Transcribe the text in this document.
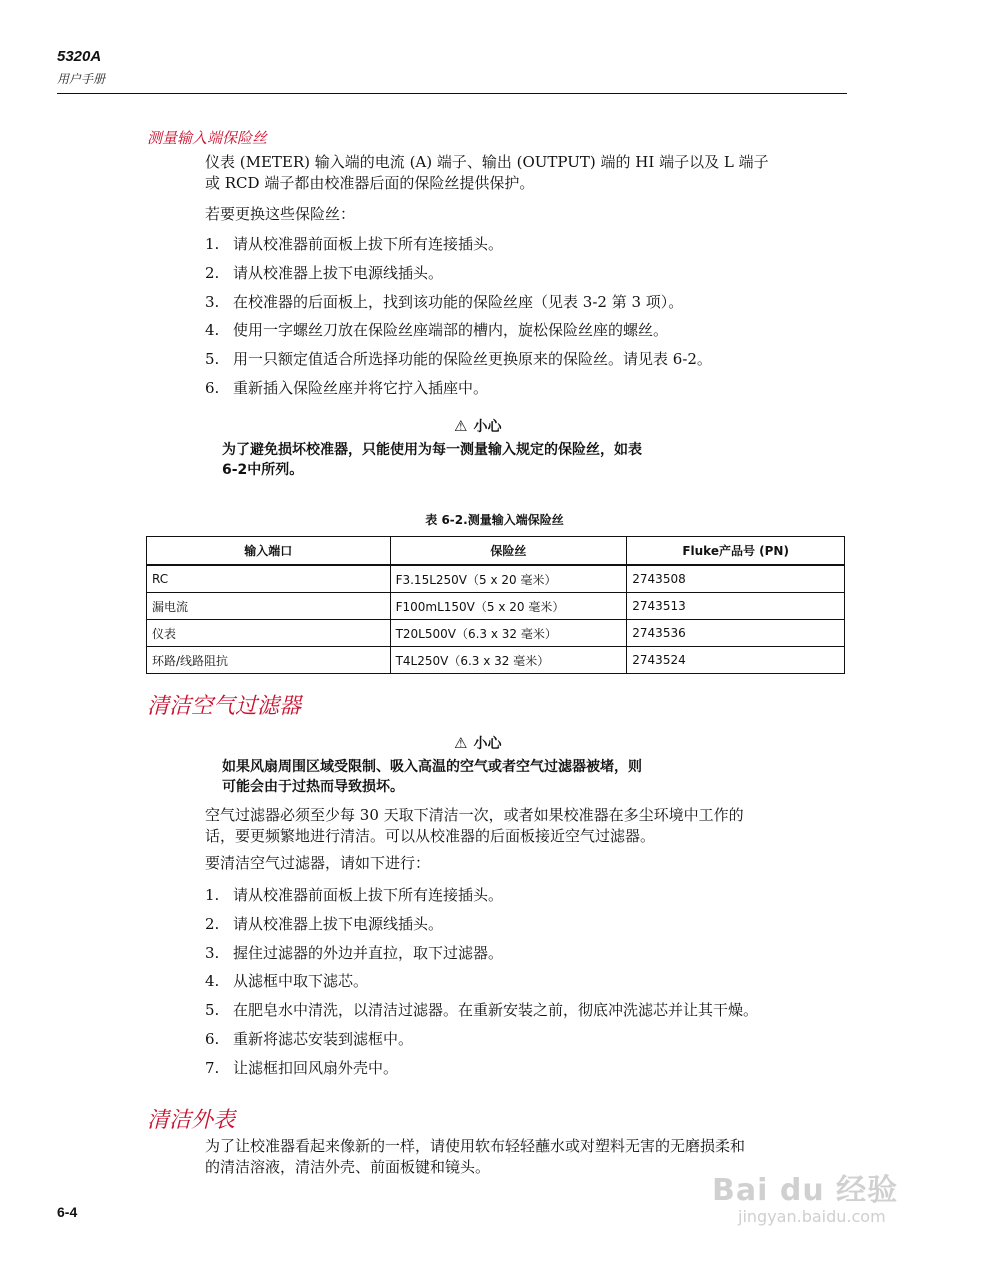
5320A
用户手册
测量输入端保险丝
仪表 (METER) 输入端的电流 (A) 端子、输出 (OUTPUT) 端的 HI 端子以及 L 端子
或 RCD 端子都由校准器后面的保险丝提供保护。
若要更换这些保险丝：
1. 请从校准器前面板上拔下所有连接插头。
2. 请从校准器上拔下电源线插头。
3. 在校准器的后面板上，找到该功能的保险丝座（见表 3-2 第 3 项）。
4. 使用一字螺丝刀放在保险丝座端部的槽内，旋松保险丝座的螺丝。
5. 用一只额定值适合所选择功能的保险丝更换原来的保险丝。请见表 6-2。
6. 重新插入保险丝座并将它拧入插座中。
⚠ 小心
为了避免损坏校准器，只能使用为每一测量输入规定的保险丝，如表
6-2中所列。
表 6-2.测量输入端保险丝
输入端口	保险丝	Fluke产品号 (PN)
RC	F3.15L250V（5 x 20 毫米）	2743508
漏电流	F100mL150V（5 x 20 毫米）	2743513
仪表	T20L500V（6.3 x 32 毫米）	2743536
环路/线路阻抗	T4L250V（6.3 x 32 毫米）	2743524
清洁空气过滤器
⚠ 小心
如果风扇周围区域受限制、吸入高温的空气或者空气过滤器被堵，则
可能会由于过热而导致损坏。
空气过滤器必须至少每 30 天取下清洁一次，或者如果校准器在多尘环境中工作的
话，要更频繁地进行清洁。可以从校准器的后面板接近空气过滤器。
要清洁空气过滤器，请如下进行：
1. 请从校准器前面板上拔下所有连接插头。
2. 请从校准器上拔下电源线插头。
3. 握住过滤器的外边并直拉，取下过滤器。
4. 从滤框中取下滤芯。
5. 在肥皂水中清洗，以清洁过滤器。在重新安装之前，彻底冲洗滤芯并让其干燥。
6. 重新将滤芯安装到滤框中。
7. 让滤框扣回风扇外壳中。
清洁外表
为了让校准器看起来像新的一样，请使用软布轻轻蘸水或对塑料无害的无磨损柔和
的清洁溶液，清洁外壳、前面板键和镜头。
6-4
Bai du 经验
jingyan.baidu.com
